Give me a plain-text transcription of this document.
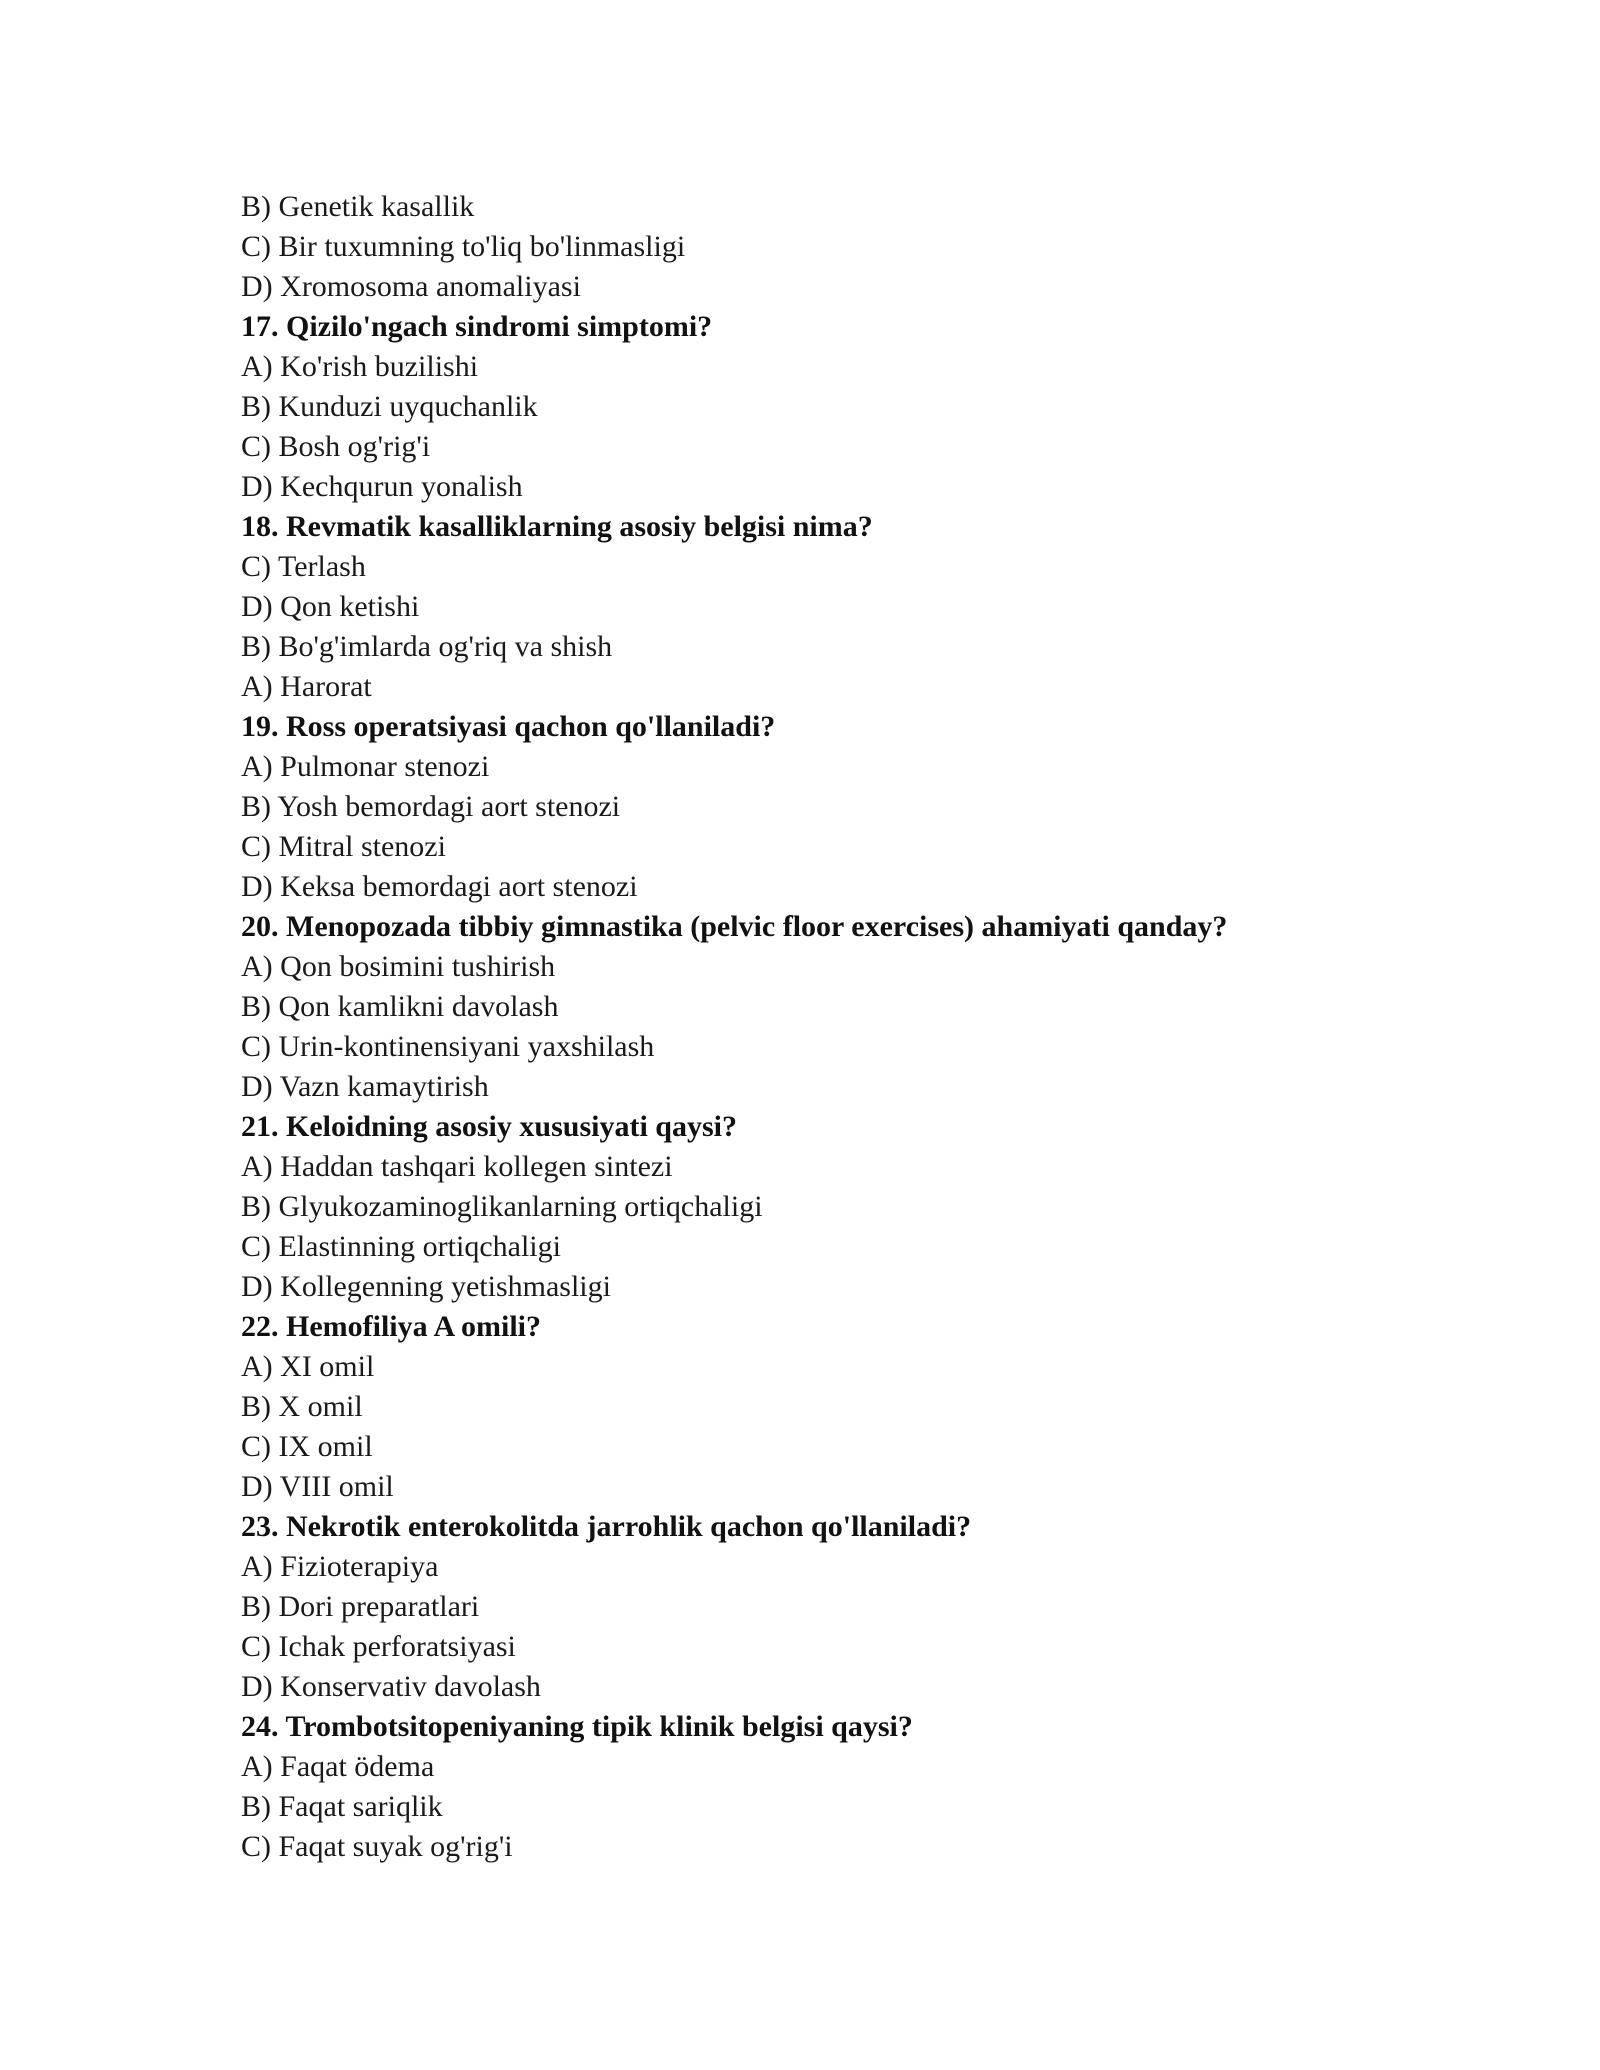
B) Genetik kasallik
C) Bir tuxumning to'liq bo'linmasligi
D) Xromosoma anomaliyasi
17. Qizilo'ngach sindromi simptomi?
A) Ko'rish buzilishi
B) Kunduzi uyquchanlik
C) Bosh og'rig'i
D) Kechqurun yonalish
18. Revmatik kasalliklarning asosiy belgisi nima?
C) Terlash
D) Qon ketishi
B) Bo'g'imlarda og'riq va shish
A) Harorat
19. Ross operatsiyasi qachon qo'llaniladi?
A) Pulmonar stenozi
B) Yosh bemordagi aort stenozi
C) Mitral stenozi
D) Keksa bemordagi aort stenozi
20. Menopozada tibbiy gimnastika (pelvic floor exercises) ahamiyati qanday?
A) Qon bosimini tushirish
B) Qon kamlikni davolash
C) Urin-kontinensiyani yaxshilash
D) Vazn kamaytirish
21. Keloidning asosiy xususiyati qaysi?
A) Haddan tashqari kollegen sintezi
B) Glyukozaminoglikanlarning ortiqchaligi
C) Elastinning ortiqchaligi
D) Kollegenning yetishmasligi
22. Hemofiliya A omili?
A) XI omil
B) X omil
C) IX omil
D) VIII omil
23. Nekrotik enterokolitda jarrohlik qachon qo'llaniladi?
A) Fizioterapiya
B) Dori preparatlari
C) Ichak perforatsiyasi
D) Konservativ davolash
24. Trombotsitopeniyaning tipik klinik belgisi qaysi?
A) Faqat ödema
B) Faqat sariqlik
C) Faqat suyak og'rig'i
